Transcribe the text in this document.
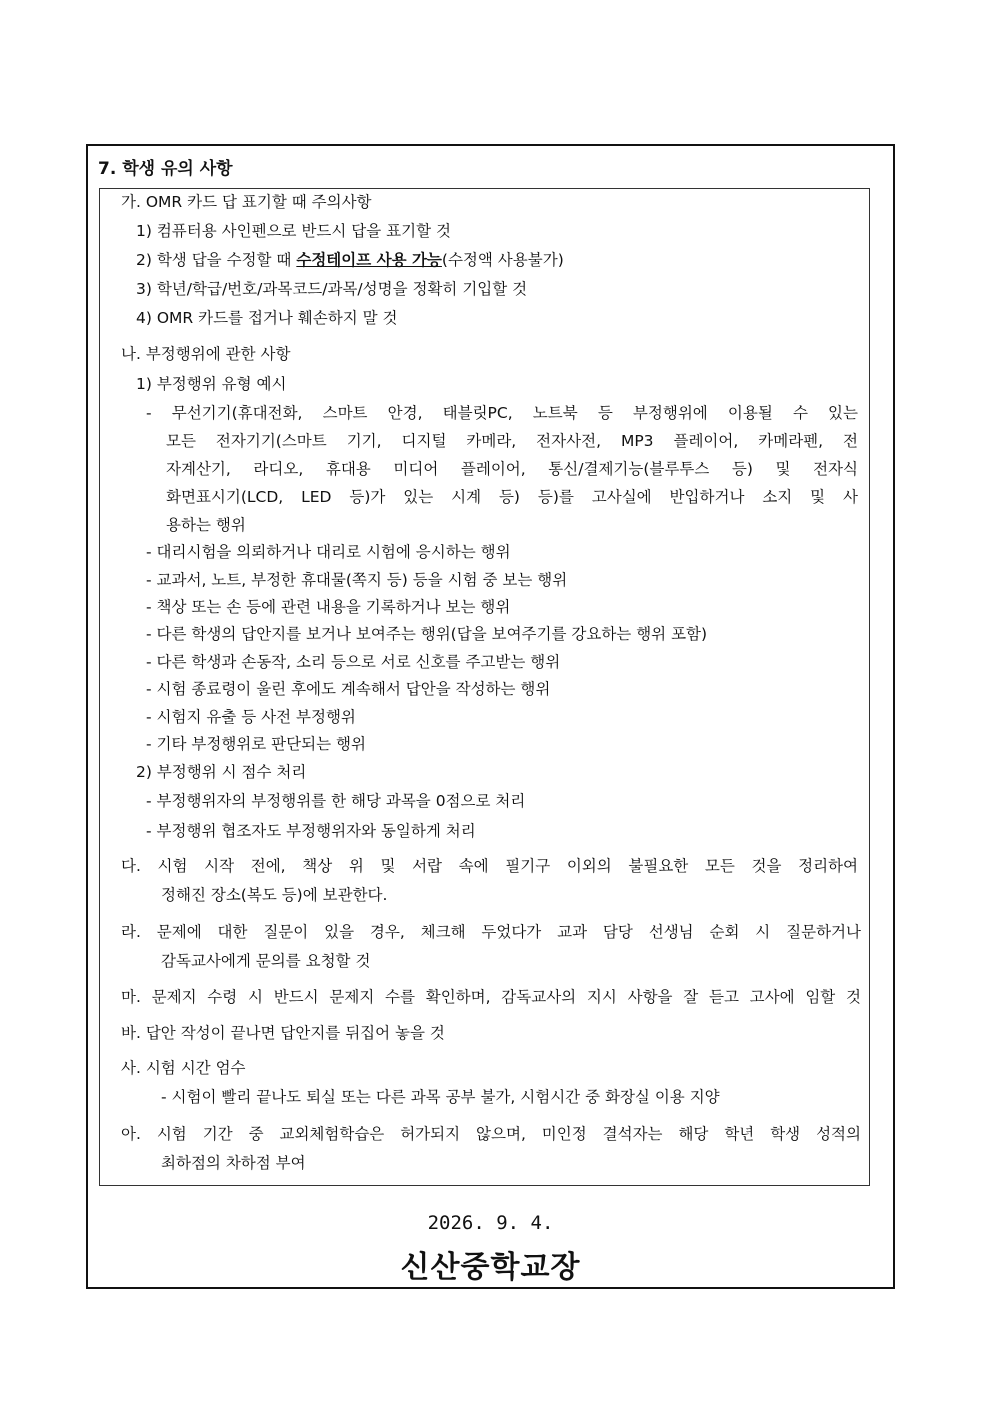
7. 학생 유의 사항
가. OMR 카드 답 표기할 때 주의사항
1) 컴퓨터용 사인펜으로 반드시 답을 표기할 것
2) 학생 답을 수정할 때 수정테이프 사용 가능(수정액 사용불가)
3) 학년/학급/번호/과목코드/과목/성명을 정확히 기입할 것
4) OMR 카드를 접거나 훼손하지 말 것
나. 부정행위에 관한 사항
1) 부정행위 유형 예시
- 무선기기(휴대전화, 스마트 안경, 태블릿PC, 노트북 등 부정행위에 이용될 수 있는
모든 전자기기(스마트 기기, 디지털 카메라, 전자사전, MP3 플레이어, 카메라펜, 전
자계산기, 라디오, 휴대용 미디어 플레이어, 통신/결제기능(블루투스 등) 및 전자식
화면표시기(LCD, LED 등)가 있는 시계 등) 등)를 고사실에 반입하거나 소지 및 사
용하는 행위
- 대리시험을 의뢰하거나 대리로 시험에 응시하는 행위
- 교과서, 노트, 부정한 휴대물(쪽지 등) 등을 시험 중 보는 행위
- 책상 또는 손 등에 관련 내용을 기록하거나 보는 행위
- 다른 학생의 답안지를 보거나 보여주는 행위(답을 보여주기를 강요하는 행위 포함)
- 다른 학생과 손동작, 소리 등으로 서로 신호를 주고받는 행위
- 시험 종료령이 울린 후에도 계속해서 답안을 작성하는 행위
- 시험지 유출 등 사전 부정행위
- 기타 부정행위로 판단되는 행위
2) 부정행위 시 점수 처리
- 부정행위자의 부정행위를 한 해당 과목을 0점으로 처리
- 부정행위 협조자도 부정행위자와 동일하게 처리
다. 시험 시작 전에, 책상 위 및 서랍 속에 필기구 이외의 불필요한 모든 것을 정리하여
정해진 장소(복도 등)에 보관한다.
라. 문제에 대한 질문이 있을 경우, 체크해 두었다가 교과 담당 선생님 순회 시 질문하거나
감독교사에게 문의를 요청할 것
마. 문제지 수령 시 반드시 문제지 수를 확인하며, 감독교사의 지시 사항을 잘 듣고 고사에 임할 것
바. 답안 작성이 끝나면 답안지를 뒤집어 놓을 것
사. 시험 시간 엄수
- 시험이 빨리 끝나도 퇴실 또는 다른 과목 공부 불가, 시험시간 중 화장실 이용 지양
아. 시험 기간 중 교외체험학습은 허가되지 않으며, 미인정 결석자는 해당 학년 학생 성적의
최하점의 차하점 부여
2026. 9. 4.
신산중학교장
